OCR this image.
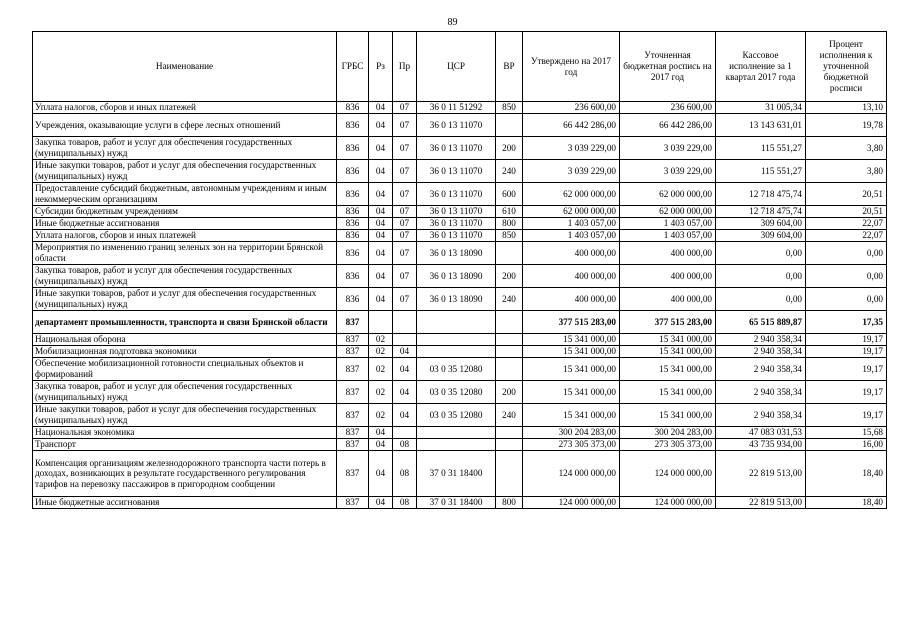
89
Наименование	ГРБС	Рз	Пр	ЦСР	ВР	Утверждено на 2017 год	Уточненная бюджетная роспись на 2017 год	Кассовое исполнение за 1 квартал 2017 года	Процент исполнения к уточненной бюджетной росписи
Уплата налогов, сборов и иных платежей	836	04	07	36 0 11 51292	850	236 600,00	236 600,00	31 005,34	13,10
Учреждения, оказывающие услуги в сфере лесных отношений	836	04	07	36 0 13 11070		66 442 286,00	66 442 286,00	13 143 631,01	19,78
Закупка товаров, работ и услуг для обеспечения государственных (муниципальных) нужд	836	04	07	36 0 13 11070	200	3 039 229,00	3 039 229,00	115 551,27	3,80
Иные закупки товаров, работ и услуг для обеспечения государственных (муниципальных) нужд	836	04	07	36 0 13 11070	240	3 039 229,00	3 039 229,00	115 551,27	3,80
Предоставление субсидий бюджетным, автономным учреждениям и иным некоммерческим организациям	836	04	07	36 0 13 11070	600	62 000 000,00	62 000 000,00	12 718 475,74	20,51
Субсидии бюджетным учреждениям	836	04	07	36 0 13 11070	610	62 000 000,00	62 000 000,00	12 718 475,74	20,51
Иные бюджетные ассигнования	836	04	07	36 0 13 11070	800	1 403 057,00	1 403 057,00	309 604,00	22,07
Уплата налогов, сборов и иных платежей	836	04	07	36 0 13 11070	850	1 403 057,00	1 403 057,00	309 604,00	22,07
Мероприятия по изменению границ зеленых зон на территории Брянской области	836	04	07	36 0 13 18090		400 000,00	400 000,00	0,00	0,00
Закупка товаров, работ и услуг для обеспечения государственных (муниципальных) нужд	836	04	07	36 0 13 18090	200	400 000,00	400 000,00	0,00	0,00
Иные закупки товаров, работ и услуг для обеспечения государственных (муниципальных) нужд	836	04	07	36 0 13 18090	240	400 000,00	400 000,00	0,00	0,00
департамент промышленности, транспорта и связи Брянской области	837					377 515 283,00	377 515 283,00	65 515 889,87	17,35
Национальная оборона	837	02				15 341 000,00	15 341 000,00	2 940 358,34	19,17
Мобилизационная подготовка экономики	837	02	04			15 341 000,00	15 341 000,00	2 940 358,34	19,17
Обеспечение мобилизационной готовности специальных объектов и формирований	837	02	04	03 0 35 12080		15 341 000,00	15 341 000,00	2 940 358,34	19,17
Закупка товаров, работ и услуг для обеспечения государственных (муниципальных) нужд	837	02	04	03 0 35 12080	200	15 341 000,00	15 341 000,00	2 940 358,34	19,17
Иные закупки товаров, работ и услуг для обеспечения государственных (муниципальных) нужд	837	02	04	03 0 35 12080	240	15 341 000,00	15 341 000,00	2 940 358,34	19,17
Национальная экономика	837	04				300 204 283,00	300 204 283,00	47 083 031,53	15,68
Транспорт	837	04	08			273 305 373,00	273 305 373,00	43 735 934,00	16,00
Компенсация организациям железнодорожного транспорта части потерь в доходах, возникающих в результате государственного регулирования тарифов на перевозку пассажиров в пригородном сообщении	837	04	08	37 0 31 18400		124 000 000,00	124 000 000,00	22 819 513,00	18,40
Иные бюджетные ассигнования	837	04	08	37 0 31 18400	800	124 000 000,00	124 000 000,00	22 819 513,00	18,40
